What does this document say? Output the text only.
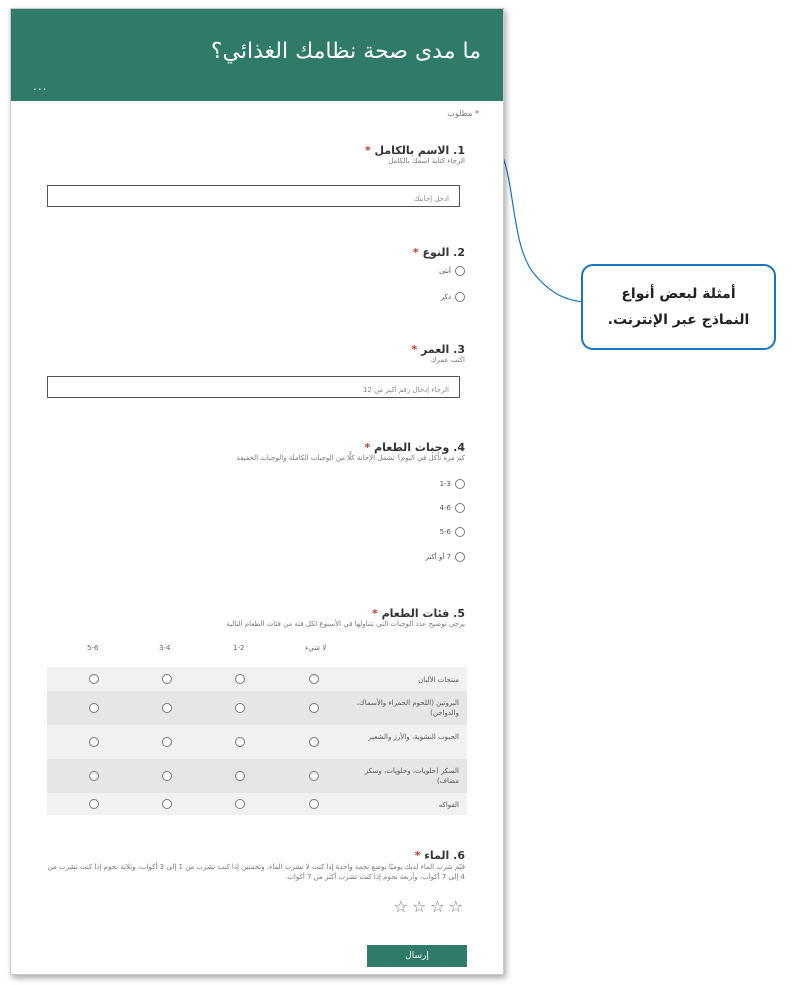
ما مدى صحة نظامك الغذائي؟
...
* مطلوب
1. الاسم بالكامل *
الرجاء كتابة اسمك بالكامل
أدخل إجابتك
2. النوع *
أنثى
ذكر
3. العمر *
اكتب عمرك
الرجاء إدخال رقم أكبر من 12
4. وجبات الطعام *
كم مرة تأكل في اليوم؟ تشمل الإجابة كلًّا من الوجبات الكاملة والوجبات الخفيفة
1-3
4-6
5-6
7 أو أكثر
5. فئات الطعام *
يرجى توضيح عدد الوجبات التي تتناولها في الأسبوع لكل فئة من فئات الطعام التالية
5-6	3-4	1-2	لا شيء
منتجات الألبان
البروتين (اللحوم الحمراء والأسماك، والدواجن)
الحبوب النشوية، والأرز والشعير
السكر (حلويات، وحلويات، وسكر مضاف)
الفواكه
6. الماء *
قيّم شرب الماء لديك يوميًا بوضع نجمة واحدة إذا كنت لا تشرب الماء، ونجمتين إذا كنت تشرب من 1 إلى 3 أكواب، وثلاثة نجوم إذا كنت تشرب من 4 إلى 7 أكواب، وأربعة نجوم إذا كنت تشرب أكثر من 7 أكواب.
☆ ☆ ☆ ☆
إرسال
أمثلة لبعض أنواع
النماذج عبر الإنترنت.
